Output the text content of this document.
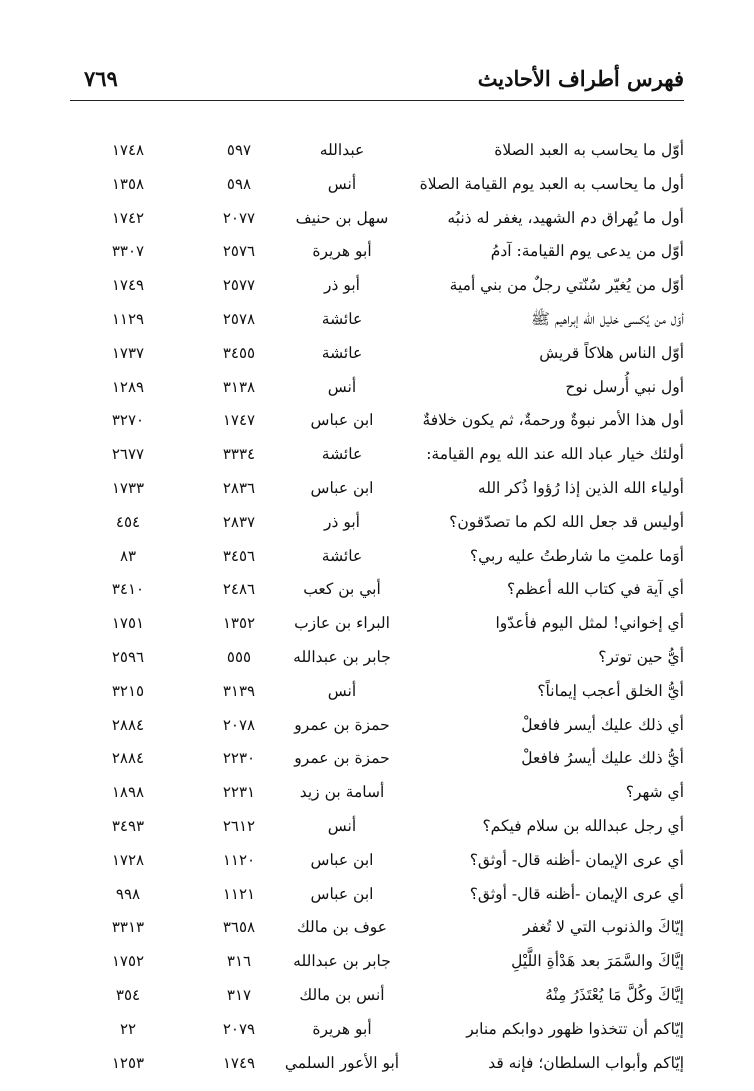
٧٦٩	فهرس أطراف الأحاديث
أوّل ما يحاسب به العبد الصلاة
عبدالله
٥٩٧
١٧٤٨
أول ما يحاسب به العبد يوم القيامة الصلاة
أنس
٥٩٨
١٣٥٨
أول ما يُهراق دم الشهيد، يغفر له ذنبُه
سهل بن حنيف
٢٠٧٧
١٧٤٢
أوّل من يدعى يوم القيامة: آدمُ
أبو هريرة
٢٥٧٦
٣٣٠٧
أوّل من يُغيّر سُنّتي رجلٌ من بني أمية
أبو ذر
٢٥٧٧
١٧٤٩
أوّل من يُكسى خليل الله إبراهيم ﷺ
عائشة
٢٥٧٨
١١٢٩
أوّل الناس هلاكاً قريش
عائشة
٣٤٥٥
١٧٣٧
أول نبي أُرسل نوح
أنس
٣١٣٨
١٢٨٩
أول هذا الأمر نبوةٌ ورحمةٌ، ثم يكون خلافةٌ
ابن عباس
١٧٤٧
٣٢٧٠
أولئك خيار عباد الله عند الله يوم القيامة:
عائشة
٣٣٣٤
٢٦٧٧
أولياء الله الذين إذا رُؤوا ذُكر الله
ابن عباس
٢٨٣٦
١٧٣٣
أوليس قد جعل الله لكم ما تصدّقون؟
أبو ذر
٢٨٣٧
٤٥٤
أوَما علمتِ ما شارطتُ عليه ربي؟
عائشة
٣٤٥٦
٨٣
أي آية في كتاب الله أعظم؟
أبي بن كعب
٢٤٨٦
٣٤١٠
أي إخواني! لمثل اليوم فأعدّوا
البراء بن عازب
١٣٥٢
١٧٥١
أيُّ حين توتر؟
جابر بن عبدالله
٥٥٥
٢٥٩٦
أيُّ الخلق أعجب إيماناً؟
أنس
٣١٣٩
٣٢١٥
أي ذلك عليك أيسر فافعلْ
حمزة بن عمرو
٢٠٧٨
٢٨٨٤
أيُّ ذلك عليك أيسرُ فافعلْ
حمزة بن عمرو
٢٢٣٠
٢٨٨٤
أي شهر؟
أسامة بن زيد
٢٢٣١
١٨٩٨
أي رجل عبدالله بن سلام فيكم؟
أنس
٢٦١٢
٣٤٩٣
أي عرى الإيمان -أظنه قال- أوثق؟
ابن عباس
١١٢٠
١٧٢٨
أي عرى الإيمان -أظنه قال- أوثق؟
ابن عباس
١١٢١
٩٩٨
إيّاكَ والذنوب التي لا تُغفر
عوف بن مالك
٣٦٥٨
٣٣١٣
إيَّاكَ والسَّمَرَ بعد هَدْأةِ اللَّيْلِ
جابر بن عبدالله
٣١٦
١٧٥٢
إيَّاكَ وكُلَّ مَا يُعْتَذَرُ مِنْهُ
أنس بن مالك
٣١٧
٣٥٤
إيّاكم أن تتخذوا ظهور دوابكم منابر
أبو هريرة
٢٠٧٩
٢٢
إيّاكم وأبواب السلطان؛ فإنه قد
أبو الأعور السلمي
١٧٤٩
١٢٥٣
